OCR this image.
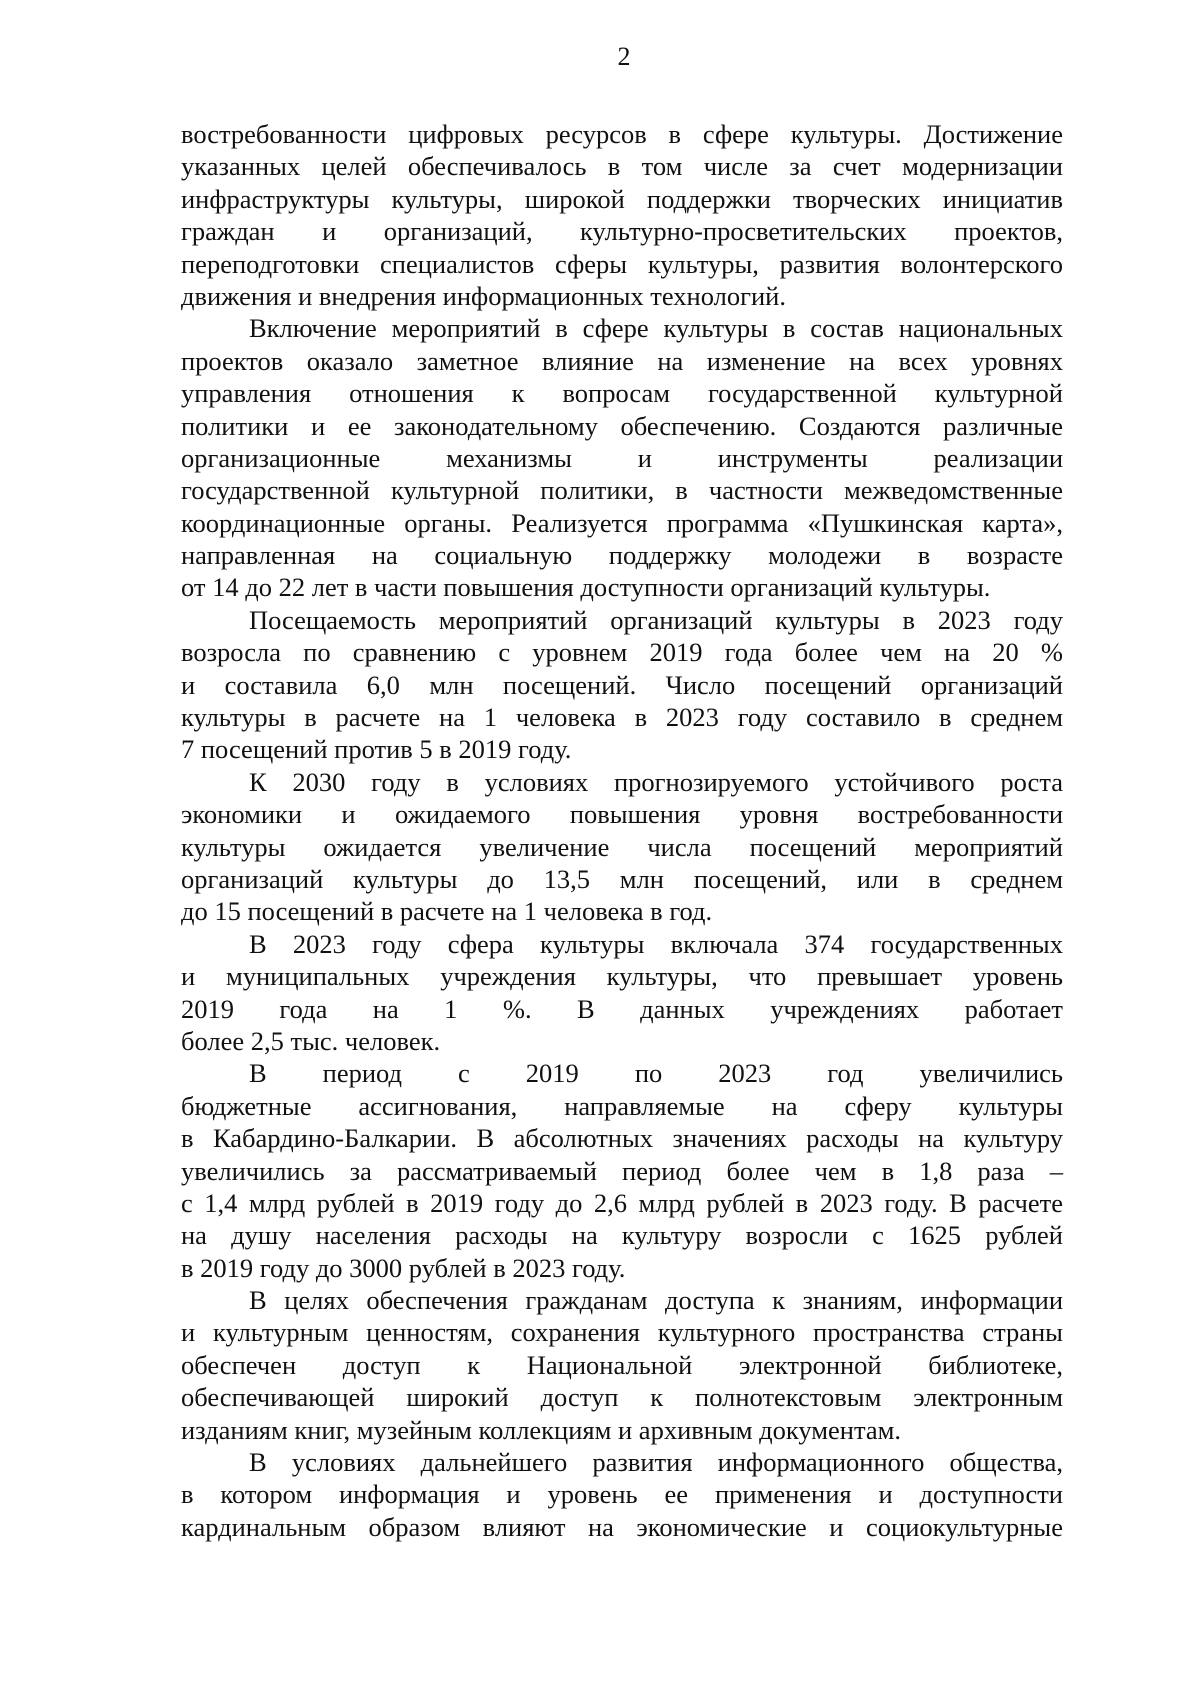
2
востребованности цифровых ресурсов в сфере культуры. Достижение
указанных целей обеспечивалось в том числе за счет модернизации
инфраструктуры культуры, широкой поддержки творческих инициатив
граждан и организаций, культурно-просветительских проектов,
переподготовки специалистов сферы культуры, развития волонтерского
движения и внедрения информационных технологий.
Включение мероприятий в сфере культуры в состав национальных
проектов оказало заметное влияние на изменение на всех уровнях
управления отношения к вопросам государственной культурной
политики и ее законодательному обеспечению. Создаются различные
организационные механизмы и инструменты реализации
государственной культурной политики, в частности межведомственные
координационные органы. Реализуется программа «Пушкинская карта»,
направленная на социальную поддержку молодежи в возрасте
от 14 до 22 лет в части повышения доступности организаций культуры.
Посещаемость мероприятий организаций культуры в 2023 году
возросла по сравнению с уровнем 2019 года более чем на 20 %
и составила 6,0 млн посещений. Число посещений организаций
культуры в расчете на 1 человека в 2023 году составило в среднем
7 посещений против 5 в 2019 году.
К 2030 году в условиях прогнозируемого устойчивого роста
экономики и ожидаемого повышения уровня востребованности
культуры ожидается увеличение числа посещений мероприятий
организаций культуры до 13,5 млн посещений, или в среднем
до 15 посещений в расчете на 1 человека в год.
В 2023 году сфера культуры включала 374 государственных
и муниципальных учреждения культуры, что превышает уровень
2019 года на 1 %. В данных учреждениях работает
более 2,5 тыс. человек.
В период с 2019 по 2023 год увеличились
бюджетные ассигнования, направляемые на сферу культуры
в Кабардино-Балкарии. В абсолютных значениях расходы на культуру
увеличились за рассматриваемый период более чем в 1,8 раза –
с 1,4 млрд рублей в 2019 году до 2,6 млрд рублей в 2023 году. В расчете
на душу населения расходы на культуру возросли с 1625 рублей
в 2019 году до 3000 рублей в 2023 году.
В целях обеспечения гражданам доступа к знаниям, информации
и культурным ценностям, сохранения культурного пространства страны
обеспечен доступ к Национальной электронной библиотеке,
обеспечивающей широкий доступ к полнотекстовым электронным
изданиям книг, музейным коллекциям и архивным документам.
В условиях дальнейшего развития информационного общества,
в котором информация и уровень ее применения и доступности
кардинальным образом влияют на экономические и социокультурные
